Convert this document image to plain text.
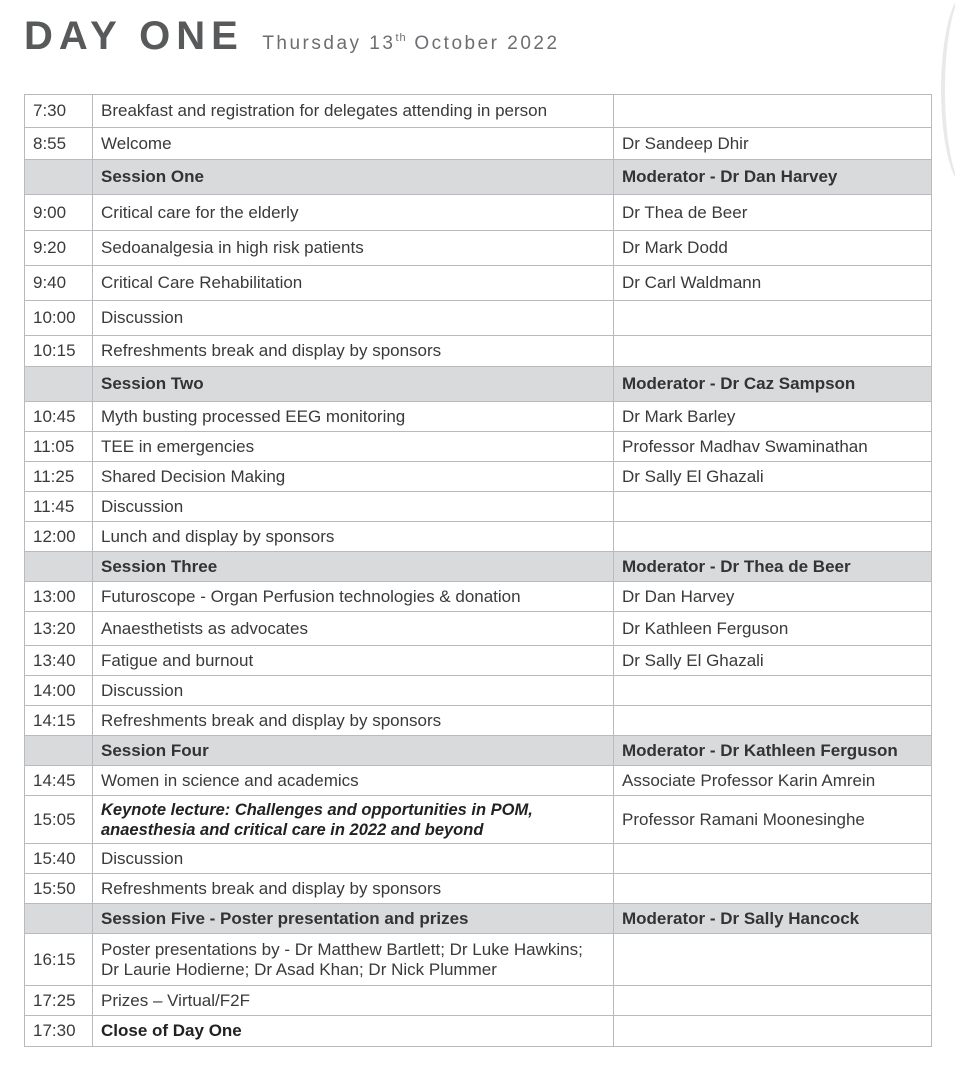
DAY ONE Thursday 13th October 2022
7:30	Breakfast and registration for delegates attending in person	
8:55	Welcome	Dr Sandeep Dhir
	Session One	Moderator - Dr Dan Harvey
9:00	Critical care for the elderly	Dr Thea de Beer
9:20	Sedoanalgesia in high risk patients	Dr Mark Dodd
9:40	Critical Care Rehabilitation	Dr Carl Waldmann
10:00	Discussion	
10:15	Refreshments break and display by sponsors	
	Session Two	Moderator - Dr Caz Sampson
10:45	Myth busting processed EEG monitoring	Dr Mark Barley
11:05	TEE in emergencies	Professor Madhav Swaminathan
11:25	Shared Decision Making	Dr Sally El Ghazali
11:45	Discussion	
12:00	Lunch and display by sponsors	
	Session Three	Moderator - Dr Thea de Beer
13:00	Futuroscope - Organ Perfusion technologies & donation	Dr Dan Harvey
13:20	Anaesthetists as advocates	Dr Kathleen Ferguson
13:40	Fatigue and burnout	Dr Sally El Ghazali
14:00	Discussion	
14:15	Refreshments break and display by sponsors	
	Session Four	Moderator - Dr Kathleen Ferguson
14:45	Women in science and academics	Associate Professor Karin Amrein
15:05	Keynote lecture: Challenges and opportunities in POM, anaesthesia and critical care in 2022 and beyond	Professor Ramani Moonesinghe
15:40	Discussion	
15:50	Refreshments break and display by sponsors	
	Session Five - Poster presentation and prizes	Moderator - Dr Sally Hancock
16:15	Poster presentations by - Dr Matthew Bartlett; Dr Luke Hawkins; Dr Laurie Hodierne; Dr Asad Khan; Dr Nick Plummer	
17:25	Prizes – Virtual/F2F	
17:30	Close of Day One	
